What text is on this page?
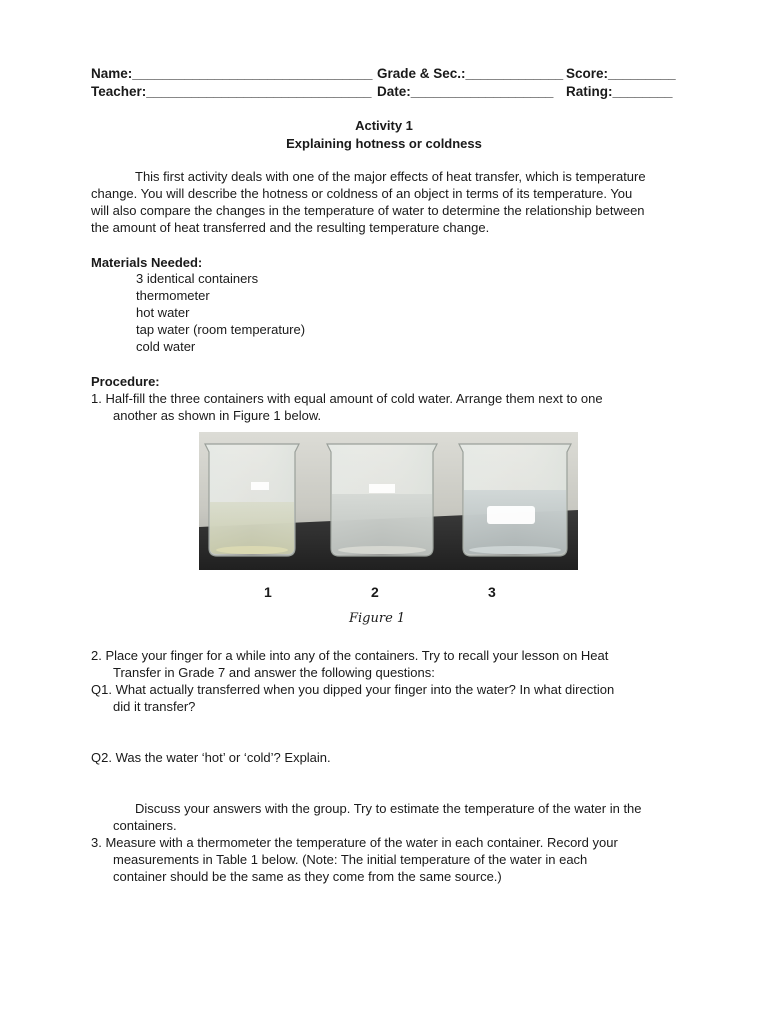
Name:________________________________ Grade & Sec.:_____________ Score:_________
Teacher:______________________________ Date:___________________ Rating:________
Activity 1
Explaining hotness or coldness
This first activity deals with one of the major effects of heat transfer, which is temperature
change. You will describe the hotness or coldness of an object in terms of its temperature. You
will also compare the changes in the temperature of water to determine the relationship between
the amount of heat transferred and the resulting temperature change.
Materials Needed:
3 identical containers
thermometer
hot water
tap water (room temperature)
cold water
Procedure:
1. Half-fill the three containers with equal amount of cold water. Arrange them next to one
another as shown in Figure 1 below.
1	2	3
Figure 1
2. Place your finger for a while into any of the containers. Try to recall your lesson on Heat
Transfer in Grade 7 and answer the following questions:
Q1. What actually transferred when you dipped your finger into the water? In what direction
did it transfer?
Q2. Was the water ‘hot’ or ‘cold’? Explain.
Discuss your answers with the group. Try to estimate the temperature of the water in the
containers.
3. Measure with a thermometer the temperature of the water in each container. Record your
measurements in Table 1 below. (Note: The initial temperature of the water in each
container should be the same as they come from the same source.)
